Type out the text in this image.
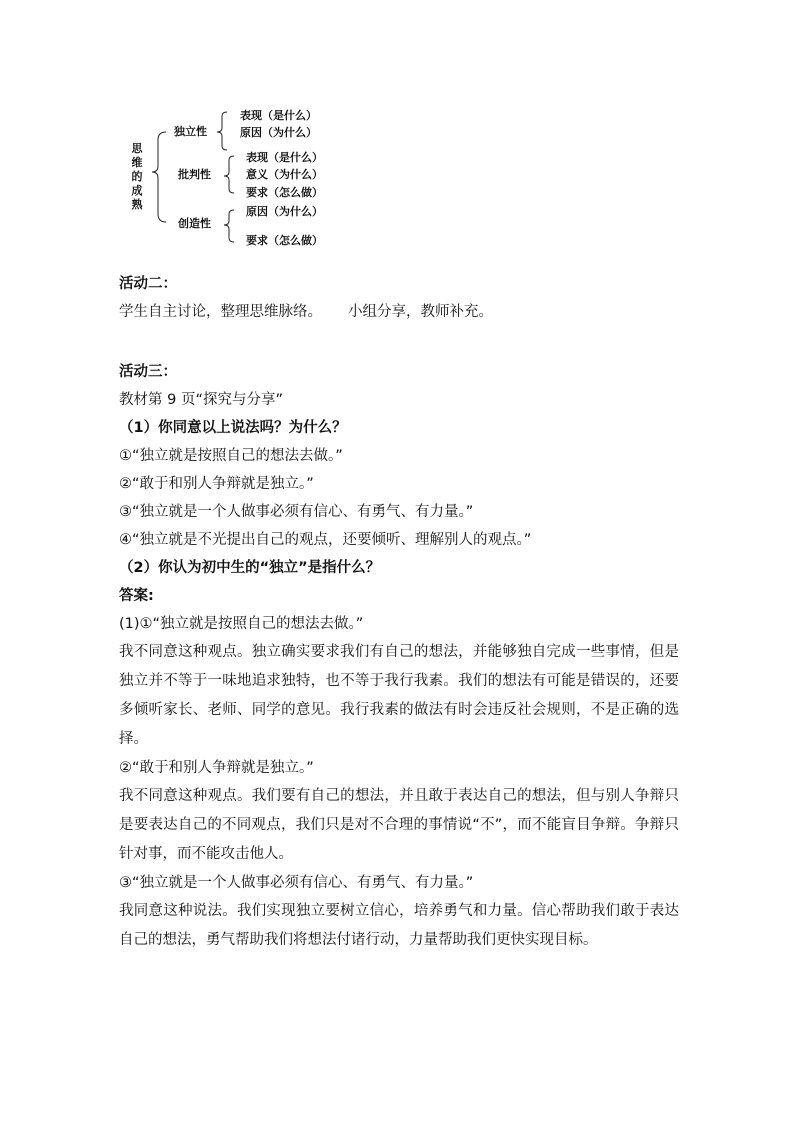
思维的成熟
独立性
表现（是什么）
原因（为什么）
批判性
表现（是什么）
意义（为什么）
要求（怎么做）
创造性
原因（为什么）
要求（怎么做）
活动二：
学生自主讨论，整理思维脉络。 小组分享，教师补充。
活动三：
教材第 9 页“探究与分享”
（1）你同意以上说法吗？为什么？
①“独立就是按照自己的想法去做。”
②“敢于和别人争辩就是独立。”
③“独立就是一个人做事必须有信心、有勇气、有力量。”
④“独立就是不光提出自己的观点，还要倾听、理解别人的观点。”
（2）你认为初中生的“独立”是指什么？
答案:
(1)①“独立就是按照自己的想法去做。”
我不同意这种观点。独立确实要求我们有自己的想法，并能够独自完成一些事情，但是独立并不等于一味地追求独特，也不等于我行我素。我们的想法有可能是错误的，还要多倾听家长、老师、同学的意见。我行我素的做法有时会违反社会规则，不是正确的选择。
②“敢于和别人争辩就是独立。”
我不同意这种观点。我们要有自己的想法，并且敢于表达自己的想法，但与别人争辩只是要表达自己的不同观点，我们只是对不合理的事情说“不”，而不能盲目争辩。争辩只针对事，而不能攻击他人。
③“独立就是一个人做事必须有信心、有勇气、有力量。”
我同意这种说法。我们实现独立要树立信心，培养勇气和力量。信心帮助我们敢于表达自己的想法，勇气帮助我们将想法付诸行动，力量帮助我们更快实现目标。
